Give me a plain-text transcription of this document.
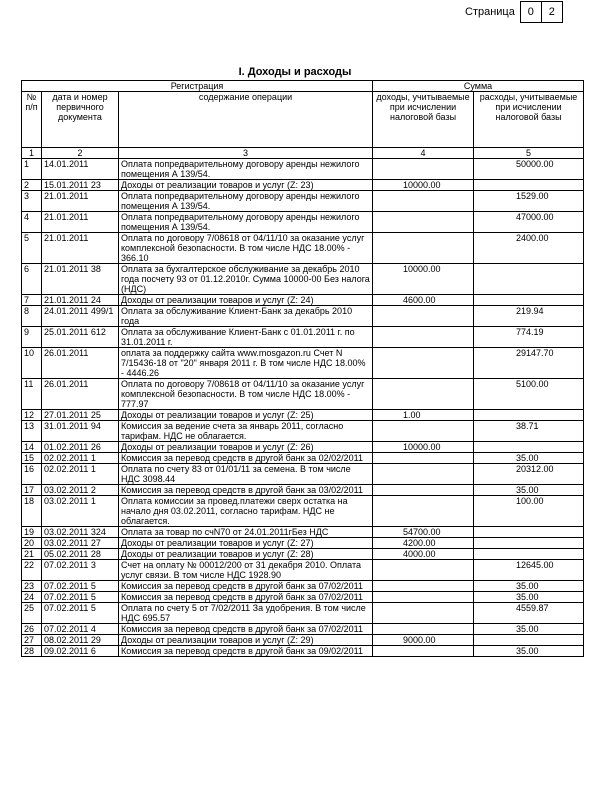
Страница	0	2
I. Доходы и расходы
Регистрация			Сумма	
№ п/п	дата и номер первичного документа	содержание операции	доходы, учитываемые при исчислении налоговой базы	расходы, учитываемые при исчислении налоговой базы
1	2	3	4	5
1	14.01.2011	Оплата попредварительному договору аренды нежилого помещения А 139/54.		50000.00
2	15.01.2011 23	Доходы от реализации товаров и услуг (Z: 23)	10000.00	
3	21.01.2011	Оплата попредварительному договору аренды нежилого помещения А 139/54.		1529.00
4	21.01.2011	Оплата попредварительному договору аренды нежилого помещения А 139/54.		47000.00
5	21.01.2011	Оплата по договору 7/08618 от 04/11/10 за оказание услуг комплексной безопасности. В том числе НДС 18.00% - 366.10		2400.00
6	21.01.2011 38	Оплата за бухгалтерское обслуживание за декабрь 2010 года посчету 93 от 01.12.2010г. Сумма 10000-00 Без налога (НДС)	10000.00	
7	21.01.2011 24	Доходы от реализации товаров и услуг (Z: 24)	4600.00	
8	24.01.2011 499/1	Оплата за обслуживание Клиент-Банк за декабрь 2010 года		219.94
9	25.01.2011 612	Оплата за обслуживание Клиент-Банк с 01.01.2011 г. по 31.01.2011 г.		774.19
10	26.01.2011	оплата за поддержку сайта www.mosgazon.ru Счет N 7/15436-18 от "20" января 2011 г. В том числе НДС 18.00% - 4446.26		29147.70
11	26.01.2011	Оплата по договору 7/08618 от 04/11/10 за оказание услуг комплексной безопасности. В том числе НДС 18.00% - 777.97		5100.00
12	27.01.2011 25	Доходы от реализации товаров и услуг (Z: 25)	1.00	
13	31.01.2011 94	Комиссия за ведение счета за январь 2011, согласно тарифам. НДС не облагается.		38.71
14	01.02.2011 26	Доходы от реализации товаров и услуг (Z: 26)	10000.00	
15	02.02.2011 1	Комиссия за перевод средств в другой банк за 02/02/2011		35.00
16	02.02.2011 1	Оплата по счету 83 от 01/01/11 за семена. В том числе НДС 3098.44		20312.00
17	03.02.2011 2	Комиссия за перевод средств в другой банк за 03/02/2011		35.00
18	03.02.2011 1	Оплата комиссии за провед.платежи сверх остатка на начало дня 03.02.2011, согласно тарифам. НДС не облагается.		100.00
19	03.02.2011 324	Оплата за товар по счN70 от 24.01.2011гБез НДС	54700.00	
20	03.02.2011 27	Доходы от реализации товаров и услуг (Z: 27)	4200.00	
21	05.02.2011 28	Доходы от реализации товаров и услуг (Z: 28)	4000.00	
22	07.02.2011 3	Счет на оплату № 00012/200 от 31 декабря 2010. Оплата услуг связи. В том числе НДС 1928.90		12645.00
23	07.02.2011 5	Комиссия за перевод средств в другой банк за 07/02/2011		35.00
24	07.02.2011 5	Комиссия за перевод средств в другой банк за 07/02/2011		35.00
25	07.02.2011 5	Оплата по счету 5 от 7/02/2011 За удобрения. В том числе НДС 695.57		4559.87
26	07.02.2011 4	Комиссия за перевод средств в другой банк за 07/02/2011		35.00
27	08.02.2011 29	Доходы от реализации товаров и услуг (Z: 29)	9000.00	
28	09.02.2011 6	Комиссия за перевод средств в другой банк за 09/02/2011		35.00
